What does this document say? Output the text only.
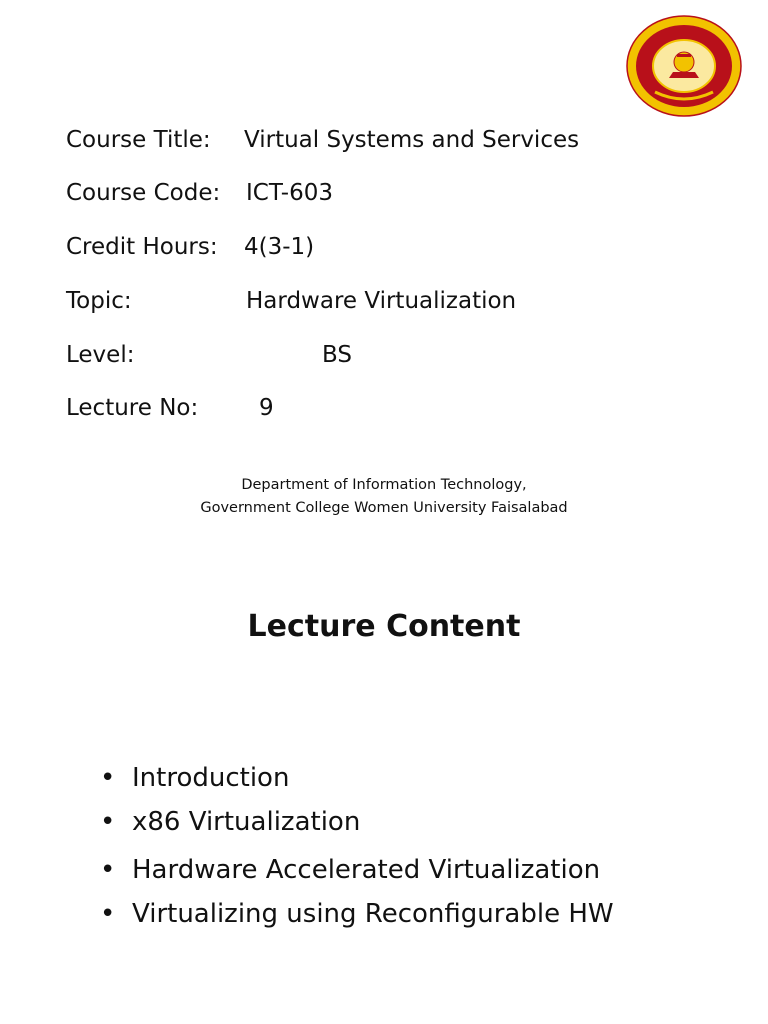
Course Title: Virtual Systems and Services
Course Code: ICT-603
Credit Hours: 4(3-1)
Topic:	Hardware Virtualization
Level:	BS
Lecture No:	9
Department of Information Technology,
Government College Women University Faisalabad
Lecture Content
• Introduction
• x86 Virtualization
• Hardware Accelerated Virtualization
• Virtualizing using Reconfigurable HW
